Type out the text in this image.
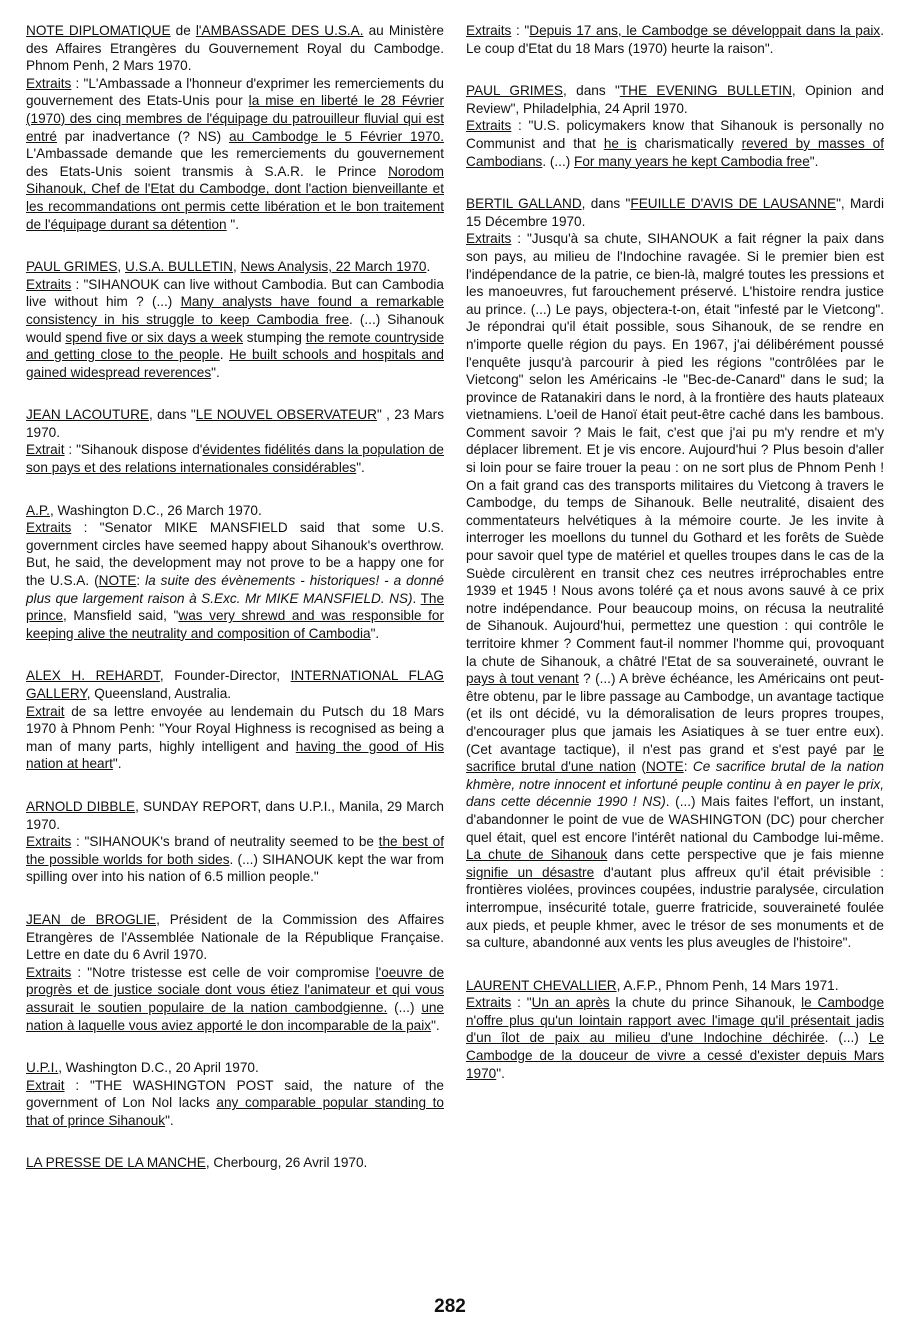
NOTE DIPLOMATIQUE de l'AMBASSADE DES U.S.A. au Ministère des Affaires Etrangères du Gouvernement Royal du Cambodge. Phnom Penh, 2 Mars 1970.
Extraits : "L'Ambassade a l'honneur d'exprimer les remerciements du gouvernement des Etats-Unis pour la mise en liberté le 28 Février (1970) des cinq membres de l'équipage du patrouilleur fluvial qui est entré par inadvertance (? NS) au Cambodge le 5 Février 1970. L'Ambassade demande que les remerciements du gouvernement des Etats-Unis soient transmis à S.A.R. le Prince Norodom Sihanouk, Chef de l'Etat du Cambodge, dont l'action bienveillante et les recommandations ont permis cette libération et le bon traitement de l'équipage durant sa détention ".

PAUL GRIMES, U.S.A. BULLETIN, News Analysis, 22 March 1970.
Extraits : "SIHANOUK can live without Cambodia. But can Cambodia live without him ? (...) Many analysts have found a remarkable consistency in his struggle to keep Cambodia free. (...) Sihanouk would spend five or six days a week stumping the remote countryside and getting close to the people. He built schools and hospitals and gained widespread reverences".

JEAN LACOUTURE, dans "LE NOUVEL OBSERVATEUR" , 23 Mars 1970.
Extrait : "Sihanouk dispose d'évidentes fidélités dans la population de son pays et des relations internationales considérables".

A.P., Washington D.C., 26 March 1970.
Extraits : "Senator MIKE MANSFIELD said that some U.S. government circles have seemed happy about Sihanouk's overthrow. But, he said, the development may not prove to be a happy one for the U.S.A. (NOTE: la suite des évènements - historiques! - a donné plus que largement raison à S.Exc. Mr MIKE MANSFIELD. NS). The prince, Mansfield said, "was very shrewd and was responsible for keeping alive the neutrality and composition of Cambodia".

ALEX H. REHARDT, Founder-Director, INTERNATIONAL FLAG GALLERY, Queensland, Australia.
Extrait de sa lettre envoyée au lendemain du Putsch du 18 Mars 1970 à Phnom Penh: "Your Royal Highness is recognised as being a man of many parts, highly intelligent and having the good of His nation at heart".

ARNOLD DIBBLE, SUNDAY REPORT, dans U.P.I., Manila, 29 March 1970.
Extraits : "SIHANOUK's brand of neutrality seemed to be the best of the possible worlds for both sides. (...) SIHANOUK kept the war from spilling over into his nation of 6.5 million people."

JEAN de BROGLIE, Président de la Commission des Affaires Etrangères de l'Assemblée Nationale de la République Française. Lettre en date du 6 Avril 1970.
Extraits : "Notre tristesse est celle de voir compromise l'oeuvre de progrès et de justice sociale dont vous étiez l'animateur et qui vous assurait le soutien populaire de la nation cambodgienne. (...) une nation à laquelle vous aviez apporté le don incomparable de la paix".

U.P.I., Washington D.C., 20 April 1970.
Extrait : "THE WASHINGTON POST said, the nature of the government of Lon Nol lacks any comparable popular standing to that of prince Sihanouk".

LA PRESSE DE LA MANCHE, Cherbourg, 26 Avril 1970.

Extraits : "Depuis 17 ans, le Cambodge se développait dans la paix. Le coup d'Etat du 18 Mars (1970) heurte la raison".

PAUL GRIMES, dans "THE EVENING BULLETIN, Opinion and Review", Philadelphia, 24 April 1970.
Extraits : "U.S. policymakers know that Sihanouk is personally no Communist and that he is charismatically revered by masses of Cambodians. (...) For many years he kept Cambodia free".

BERTIL GALLAND, dans "FEUILLE D'AVIS DE LAUSANNE", Mardi 15 Décembre 1970.
Extraits : "Jusqu'à sa chute, SIHANOUK a fait régner la paix dans son pays, au milieu de l'Indochine ravagée. Si le premier bien est l'indépendance de la patrie, ce bien-là, malgré toutes les pressions et les manoeuvres, fut farouchement préservé. L'histoire rendra justice au prince. (...) Le pays, objectera-t-on, était "infesté par le Vietcong". Je répondrai qu'il était possible, sous Sihanouk, de se rendre en n'importe quelle région du pays. En 1967, j'ai délibérément poussé l'enquête jusqu'à parcourir à pied les régions "contrôlées par le Vietcong" selon les Américains -le "Bec-de-Canard" dans le sud; la province de Ratanakiri dans le nord, à la frontière des hauts plateaux vietnamiens. L'oeil de Hanoï était peut-être caché dans les bambous. Comment savoir ? Mais le fait, c'est que j'ai pu m'y rendre et m'y déplacer librement. Et je vis encore. Aujourd'hui ? Plus besoin d'aller si loin pour se faire trouer la peau : on ne sort plus de Phnom Penh ! On a fait grand cas des transports militaires du Vietcong à travers le Cambodge, du temps de Sihanouk. Belle neutralité, disaient des commentateurs helvétiques à la mémoire courte. Je les invite à interroger les moellons du tunnel du Gothard et les forêts de Suède pour savoir quel type de matériel et quelles troupes dans le cas de la Suède circulèrent en transit chez ces neutres irréprochables entre 1939 et 1945 ! Nous avons toléré ça et nous avons sauvé à ce prix notre indépendance. Pour beaucoup moins, on récusa la neutralité de Sihanouk. Aujourd'hui, permettez une question : qui contrôle le territoire khmer ? Comment faut-il nommer l'homme qui, provoquant la chute de Sihanouk, a châtré l'Etat de sa souveraineté, ouvrant le pays à tout venant ? (...) A brève échéance, les Américains ont peut-être obtenu, par le libre passage au Cambodge, un avantage tactique (et ils ont décidé, vu la démoralisation de leurs propres troupes, d'encourager plus que jamais les Asiatiques à se tuer entre eux). (Cet avantage tactique), il n'est pas grand et s'est payé par le sacrifice brutal d'une nation (NOTE: Ce sacrifice brutal de la nation khmère, notre innocent et infortuné peuple continu à en payer le prix, dans cette décennie 1990 ! NS). (...) Mais faites l'effort, un instant, d'abandonner le point de vue de WASHINGTON (DC) pour chercher quel était, quel est encore l'intérêt national du Cambodge lui-même. La chute de Sihanouk dans cette perspective que je fais mienne signifie un désastre d'autant plus affreux qu'il était prévisible : frontières violées, provinces coupées, industrie paralysée, circulation interrompue, insécurité totale, guerre fratricide, souveraineté foulée aux pieds, et peuple khmer, avec le trésor de ses monuments et de sa culture, abandonné aux vents les plus aveugles de l'histoire".

LAURENT CHEVALLIER, A.F.P., Phnom Penh, 14 Mars 1971.
Extraits : "Un an après la chute du prince Sihanouk, le Cambodge n'offre plus qu'un lointain rapport avec l'image qu'il présentait jadis d'un îlot de paix au milieu d'une Indochine déchirée. (...) Le Cambodge de la douceur de vivre a cessé d'exister depuis Mars 1970".

282
